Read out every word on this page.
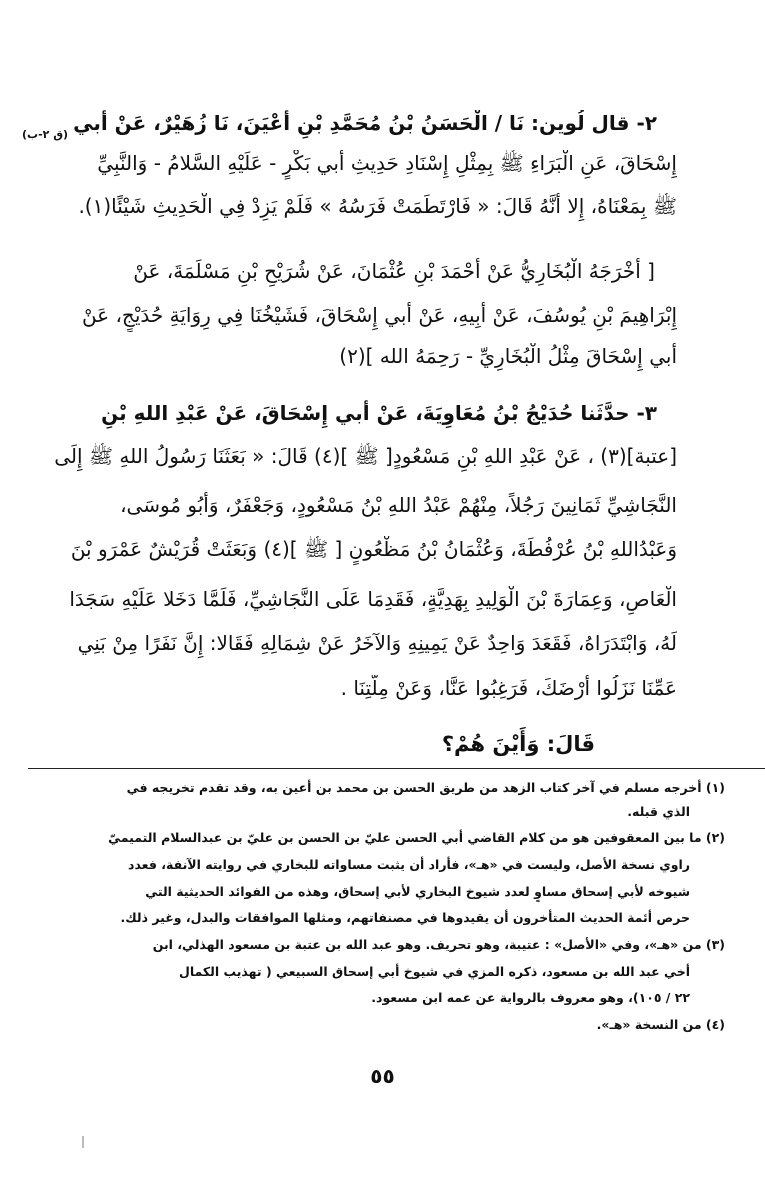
(ق ٢-ب) ٢- قال لُوين: نَا / الْحَسَنُ بْنُ مُحَمَّدِ بْنِ أَعْيَنَ، نَا زُهَيْرٌ، عَنْ أَبي
إِسْحَاقَ، عَنِ الْبَرَاءِ ﷺ بِمِثْلِ إِسْنَادِ حَدِيثِ أَبي بَكْرٍ - عَلَيْهِ السَّلامُ - وَالنَّبِيِّ
ﷺ بِمَعْنَاهُ، إِلا أَنَّهُ قَالَ: « فَارْتَطَمَتْ فَرَسُهُ » فَلَمْ يَزِدْ فِي الْحَدِيثِ شَيْئًا(١).
[ أَخْرَجَهُ الْبُخَارِيُّ عَنْ أَحْمَدَ بْنِ عُثْمَانَ، عَنْ شُرَيْحِ بْنِ مَسْلَمَةَ، عَنْ
إِبْرَاهِيمَ بْنِ يُوسُفَ، عَنْ أَبِيهِ، عَنْ أَبي إِسْحَاقَ، فَشَيْخُنَا فِي رِوَايَةِ حُدَيْجٍ، عَنْ
أَبي إِسْحَاقَ مِثْلُ الْبُخَارِيِّ - رَحِمَهُ الله ](٢)
٣- حدَّثَنا حُدَيْجُ بْنُ مُعَاوِيَةَ، عَنْ أَبي إِسْحَاقَ، عَنْ عَبْدِ اللهِ بْنِ
[عتبة](٣) ، عَنْ عَبْدِ اللهِ بْنِ مَسْعُودٍ[ ﷺ ](٤) قَالَ: « بَعَثَنَا رَسُولُ اللهِ ﷺ إِلَى
النَّجَاشِيِّ ثَمَانِينَ رَجُلاً، مِنْهُمْ عَبْدُ اللهِ بْنُ مَسْعُودٍ، وَجَعْفَرٌ، وَأَبُو مُوسَى،
وَعَبْدُاللهِ بْنُ عُرْفُطَةَ، وَعُثْمَانُ بْنُ مَظْعُونٍ [ ﷺ ](٤) وَبَعَثَتْ قُرَيْشٌ عَمْرَو بْنَ
الْعَاصِ، وَعِمَارَةَ بْنَ الْوَلِيدِ بِهَدِيَّةٍ، فَقَدِمَا عَلَى النَّجَاشِيِّ، فَلَمَّا دَخَلا عَلَيْهِ سَجَدَا
لَهُ، وَابْتَدَرَاهُ، فَقَعَدَ وَاحِدٌ عَنْ يَمِينِهِ وَالآخَرُ عَنْ شِمَالِهِ فَقَالا: إِنَّ نَفَرًا مِنْ بَنِي
عَمِّنَا نَزَلُوا أَرْضَكَ، فَرَغِبُوا عَنَّا، وَعَنْ مِلَّتِنَا .
قَالَ: وَأَيْنَ هُمْ؟
(١) أخرجه مسلم في آخر كتاب الزهد من طريق الحسن بن محمد بن أعين به، وقد تقدم تخريجه في
الذي قبله.
(٢) ما بين المعقوفين هو من كلام القاضي أبي الحسن عليّ بن الحسن بن عليّ بن عبدالسلام التميميّ
راوي نسخة الأصل، وليست في «هـ»، فأراد أن يثبت مساواته للبخاري في روايته الآنفة، فعدد
شيوخه لأبي إسحاق مساوٍ لعدد شيوخ البخاري لأبي إسحاق، وهذه من الفوائد الحديثية التي
حرص أئمة الحديث المتأخرون أن يقيدوها في مصنفاتهم، ومثلها الموافقات والبدل، وغير ذلك.
(٣) من «هـ»، وفي «الأصل» : عتيبة، وهو تحريف. وهو عبد الله بن عتبة بن مسعود الهذلي، ابن
أخي عبد الله بن مسعود، ذكره المزي في شيوخ أبي إسحاق السبيعي ( تهذيب الكمال
٢٢ / ١٠٥)، وهو معروف بالرواية عن عمه ابن مسعود.
(٤) من النسخة «هـ».
٥٥
